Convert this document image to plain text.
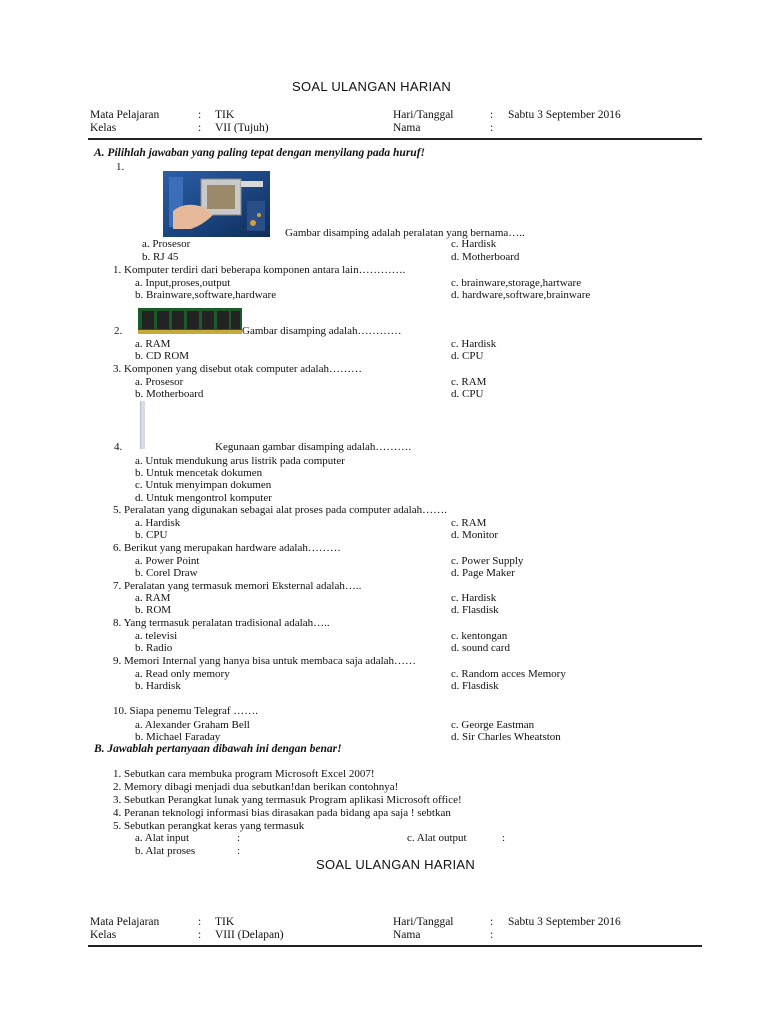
SOAL ULANGAN HARIAN
Mata Pelajaran	: TIK	Hari/Tanggal	: Sabtu 3 September 2016
Kelas	: VII (Tujuh)	Nama	:
A. Pilihlah jawaban yang paling tepat dengan menyilang pada huruf!
1.
Gambar disamping adalah peralatan yang bernama…..
a. Prosesor	c. Hardisk
b. RJ 45	d. Motherboard
1. Komputer terdiri dari beberapa komponen antara lain………….
a. Input,proses,output	c. brainware,storage,hartware
b. Brainware,software,hardware	d. hardware,software,brainware
2.	Gambar disamping adalah…………
a. RAM	c. Hardisk
b. CD ROM	d. CPU
3. Komponen yang disebut otak computer adalah………
a. Prosesor	c. RAM
b. Motherboard	d. CPU
4.	Kegunaan gambar disamping adalah……….
a. Untuk mendukung arus listrik pada computer
b. Untuk mencetak dokumen
c. Untuk menyimpan dokumen
d. Untuk mengontrol komputer
5. Peralatan yang digunakan sebagai alat proses pada computer adalah…….
a. Hardisk	c. RAM
b. CPU	d. Monitor
6. Berikut yang merupakan hardware adalah………
a. Power Point	c. Power Supply
b. Corel Draw	d. Page Maker
7. Peralatan yang termasuk memori Eksternal adalah…..
a. RAM	c. Hardisk
b. ROM	d. Flasdisk
8. Yang termasuk peralatan tradisional adalah…..
a. televisi	c. kentongan
b. Radio	d. sound card
9. Memori Internal yang hanya bisa untuk membaca saja adalah……
a. Read only memory	c. Random acces Memory
b. Hardisk	d. Flasdisk
10. Siapa penemu Telegraf …….
a. Alexander Graham Bell	c. George Eastman
b. Michael Faraday	d. Sir Charles Wheatston
B. Jawablah pertanyaan dibawah ini dengan benar!
1. Sebutkan cara membuka program Microsoft Excel 2007!
2. Memory dibagi menjadi dua sebutkan!dan berikan contohnya!
3. Sebutkan Perangkat lunak yang termasuk Program aplikasi Microsoft office!
4. Peranan teknologi informasi bias dirasakan pada bidang apa saja ! sebtkan
5. Sebutkan perangkat keras yang termasuk
a. Alat input	:	c. Alat output	:
b. Alat proses	:
SOAL ULANGAN HARIAN
Mata Pelajaran	: TIK	Hari/Tanggal	: Sabtu 3 September 2016
Kelas	: VIII (Delapan)	Nama	:
